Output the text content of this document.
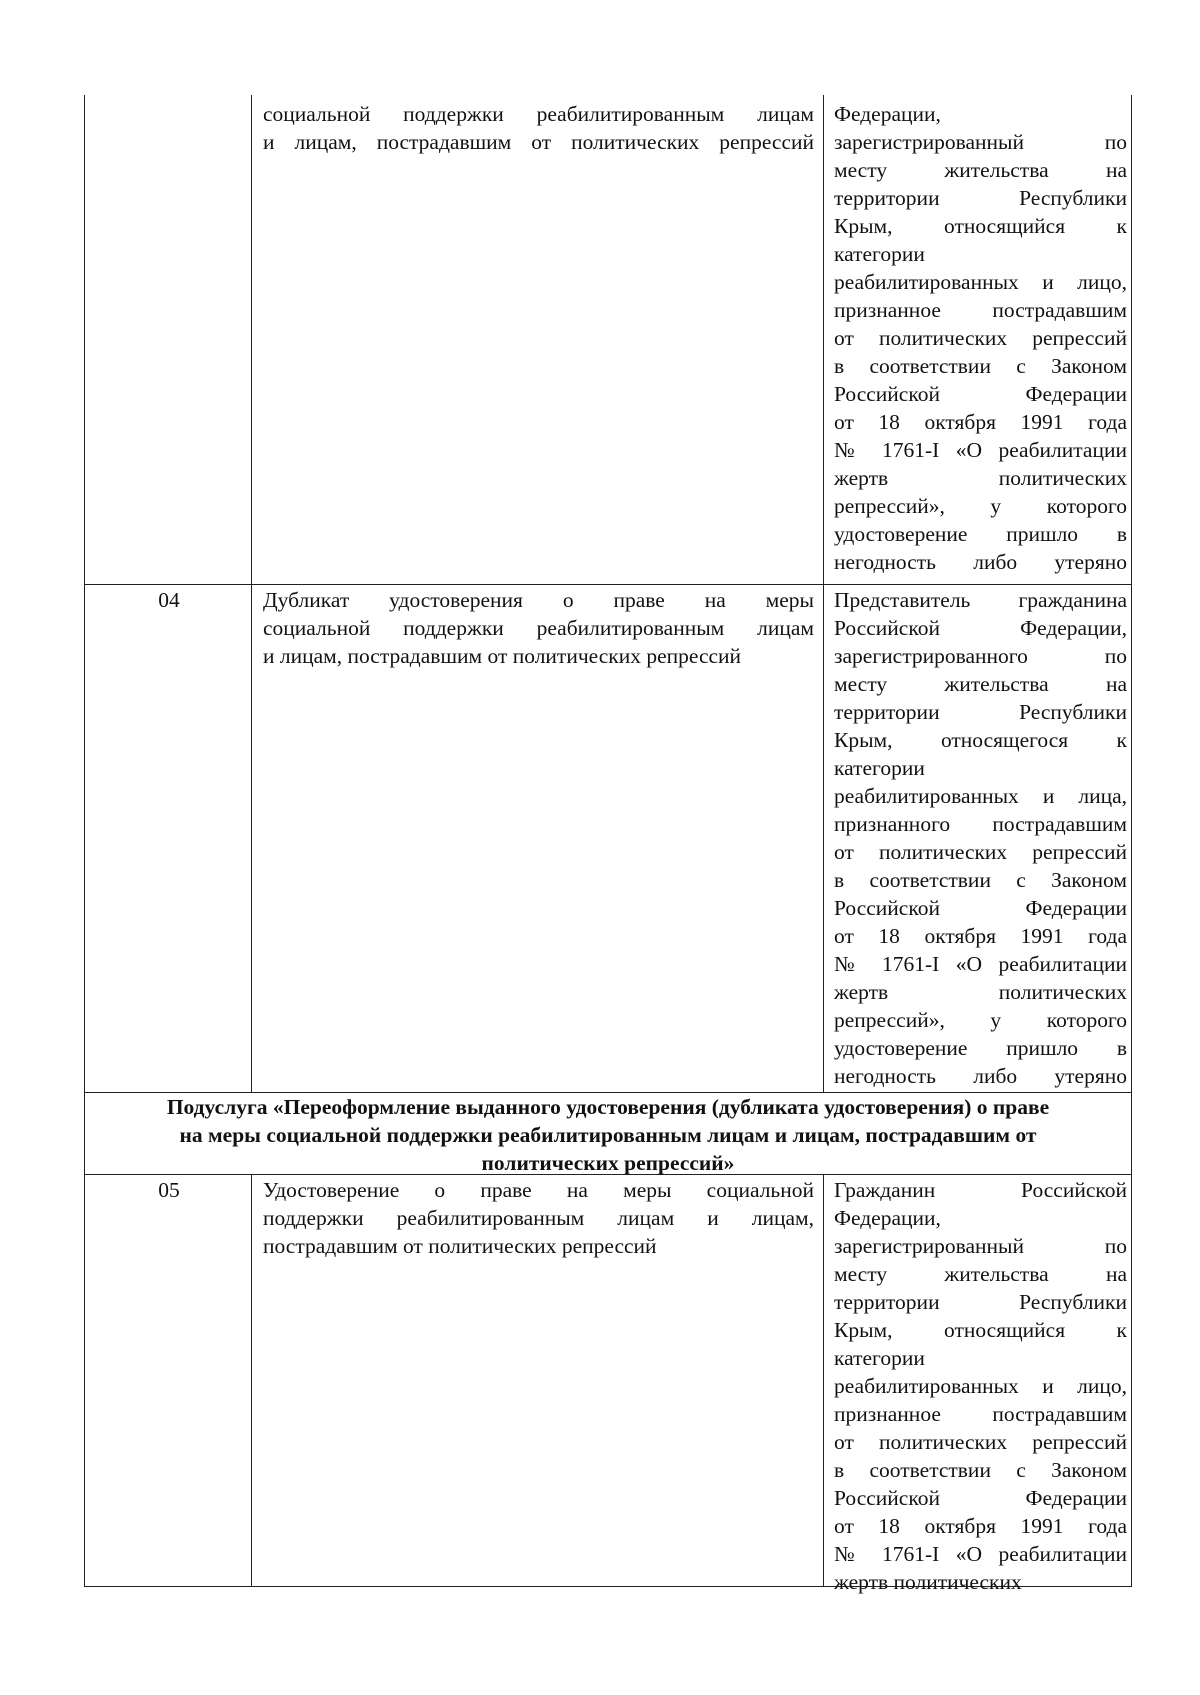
социальной поддержки реабилитированным лицам
и лицам, пострадавшим от политических репрессий
Федерации,
зарегистрированный по
месту жительства на
территории Республики
Крым, относящийся к
категории
реабилитированных и лицо,
признанное пострадавшим
от политических репрессий
в соответствии с Законом
Российской Федерации
от 18 октября 1991 года
№ 1761-I «О реабилитации
жертв политических
репрессий», у которого
удостоверение пришло в
негодность либо утеряно
04	Дубликат удостоверения о праве на меры
социальной поддержки реабилитированным лицам
и лицам, пострадавшим от политических репрессий
Представитель гражданина
Российской Федерации,
зарегистрированного по
месту жительства на
территории Республики
Крым, относящегося к
категории
реабилитированных и лица,
признанного пострадавшим
от политических репрессий
в соответствии с Законом
Российской Федерации
от 18 октября 1991 года
№ 1761-I «О реабилитации
жертв политических
репрессий», у которого
удостоверение пришло в
негодность либо утеряно
Подуслуга «Переоформление выданного удостоверения (дубликата удостоверения) о праве
на меры социальной поддержки реабилитированным лицам и лицам, пострадавшим от
политических репрессий»
05	Удостоверение о праве на меры социальной
поддержки реабилитированным лицам и лицам,
пострадавшим от политических репрессий
Гражданин Российской
Федерации,
зарегистрированный по
месту жительства на
территории Республики
Крым, относящийся к
категории
реабилитированных и лицо,
признанное пострадавшим
от политических репрессий
в соответствии с Законом
Российской Федерации
от 18 октября 1991 года
№ 1761-I «О реабилитации
жертв политических
